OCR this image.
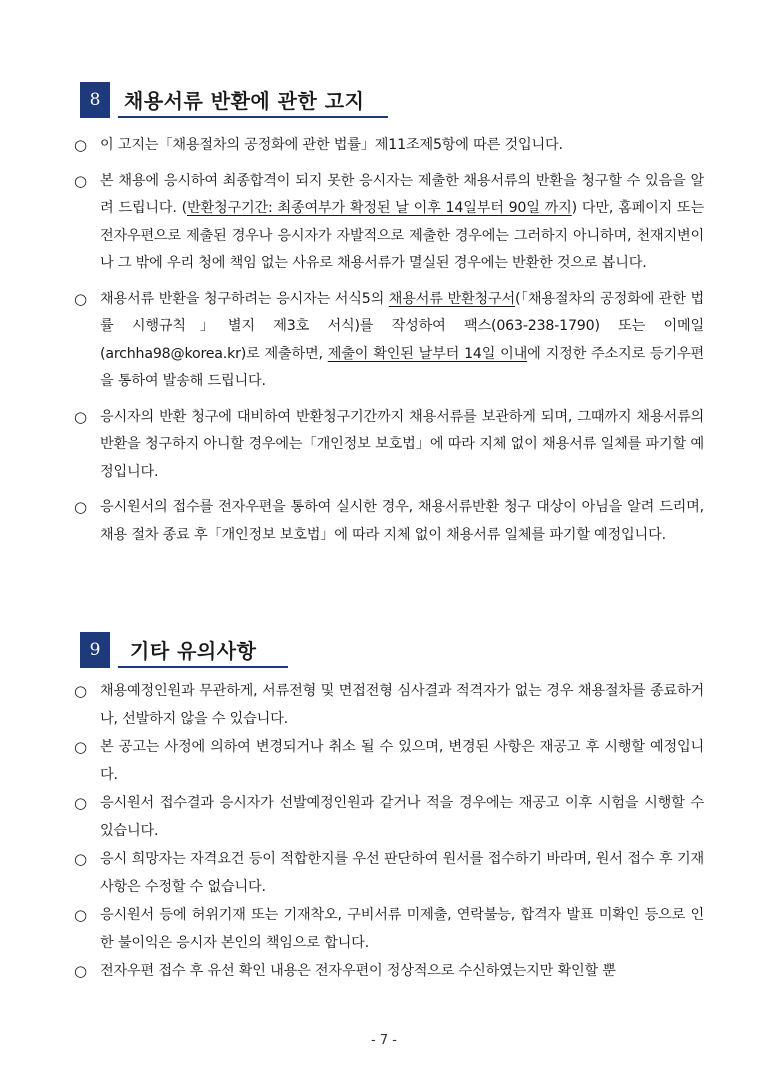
8	채용서류 반환에 관한 고지
○ 이 고지는「채용절차의 공정화에 관한 법률」제11조제5항에 따른 것입니다.
○ 본 채용에 응시하여 최종합격이 되지 못한 응시자는 제출한 채용서류의 반환을 청구할 수 있음을 알려 드립니다. (반환청구기간: 최종여부가 확정된 날 이후 14일부터 90일 까지) 다만, 홈페이지 또는 전자우편으로 제출된 경우나 응시자가 자발적으로 제출한 경우에는 그러하지 아니하며, 천재지변이나 그 밖에 우리 청에 책임 없는 사유로 채용서류가 멸실된 경우에는 반환한 것으로 봅니다.
○ 채용서류 반환을 청구하려는 응시자는 서식5의 채용서류 반환청구서(「채용절차의 공정화에 관한 법률 시행규칙」별지 제3호 서식)를 작성하여 팩스(063-238-1790) 또는 이메일(archha98@korea.kr)로 제출하면, 제출이 확인된 날부터 14일 이내에 지정한 주소지로 등기우편을 통하여 발송해 드립니다.
○ 응시자의 반환 청구에 대비하여 반환청구기간까지 채용서류를 보관하게 되며, 그때까지 채용서류의 반환을 청구하지 아니할 경우에는「개인정보 보호법」에 따라 지체 없이 채용서류 일체를 파기할 예정입니다.
○ 응시원서의 접수를 전자우편을 통하여 실시한 경우, 채용서류반환 청구 대상이 아님을 알려 드리며, 채용 절차 종료 후「개인정보 보호법」에 따라 지체 없이 채용서류 일체를 파기할 예정입니다.
9	기타 유의사항
○ 채용예정인원과 무관하게, 서류전형 및 면접전형 심사결과 적격자가 없는 경우 채용절차를 종료하거나, 선발하지 않을 수 있습니다.
○ 본 공고는 사정에 의하여 변경되거나 취소 될 수 있으며, 변경된 사항은 재공고 후 시행할 예정입니다.
○ 응시원서 접수결과 응시자가 선발예정인원과 같거나 적을 경우에는 재공고 이후 시험을 시행할 수 있습니다.
○ 응시 희망자는 자격요건 등이 적합한지를 우선 판단하여 원서를 접수하기 바라며, 원서 접수 후 기재사항은 수정할 수 없습니다.
○ 응시원서 등에 허위기재 또는 기재착오, 구비서류 미제출, 연락불능, 합격자 발표 미확인 등으로 인한 불이익은 응시자 본인의 책임으로 합니다.
○ 전자우편 접수 후 유선 확인 내용은 전자우편이 정상적으로 수신하였는지만 확인할 뿐
- 7 -
